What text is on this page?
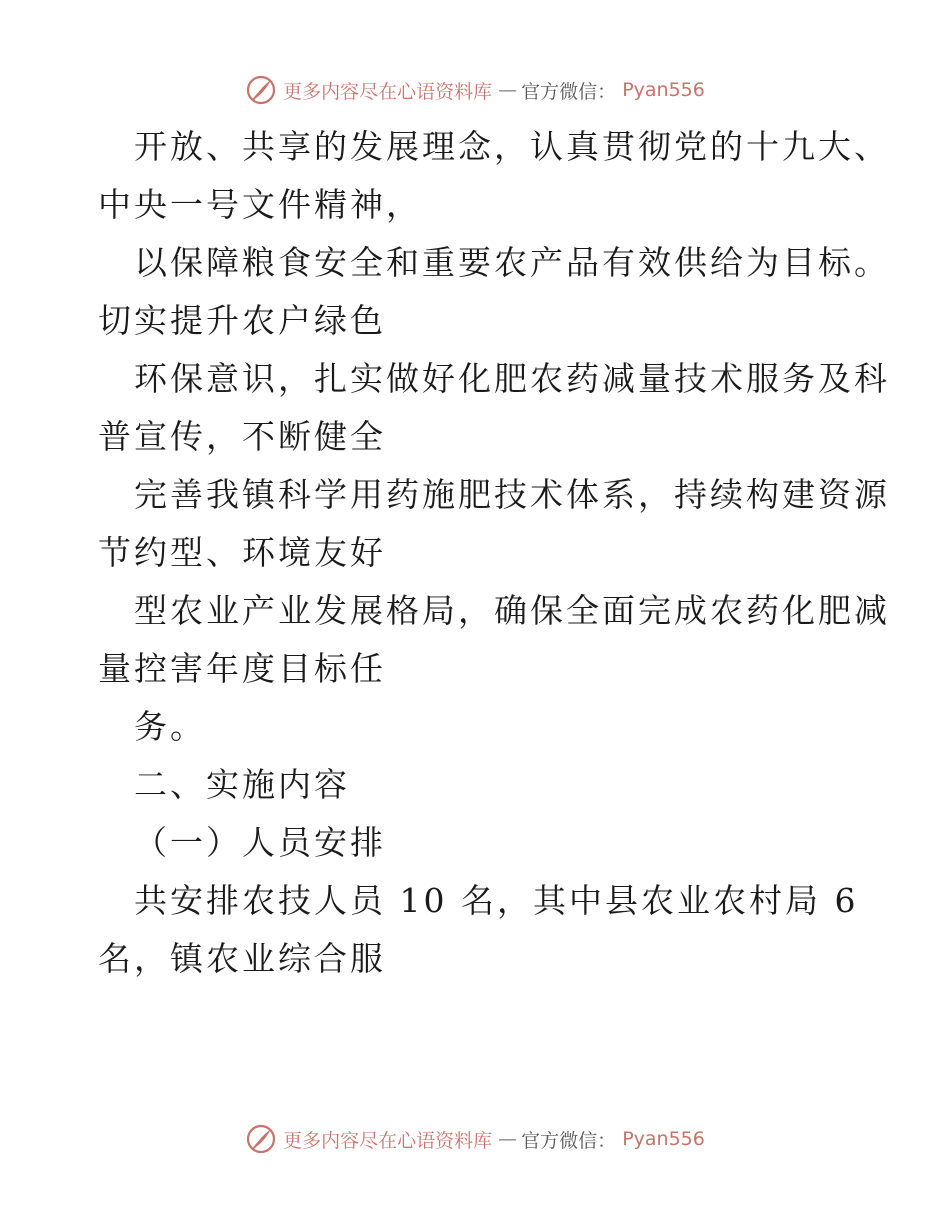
更多内容尽在心语资料库 — 官方微信： Pyan556
开放、共享的发展理念，认真贯彻党的十九大、
中央一号文件精神，
以保障粮食安全和重要农产品有效供给为目标。
切实提升农户绿色
环保意识，扎实做好化肥农药减量技术服务及科
普宣传，不断健全
完善我镇科学用药施肥技术体系，持续构建资源
节约型、环境友好
型农业产业发展格局，确保全面完成农药化肥减
量控害年度目标任
务。
二、实施内容
（一）人员安排
共安排农技人员 10 名，其中县农业农村局 6
名，镇农业综合服
更多内容尽在心语资料库 — 官方微信： Pyan556
